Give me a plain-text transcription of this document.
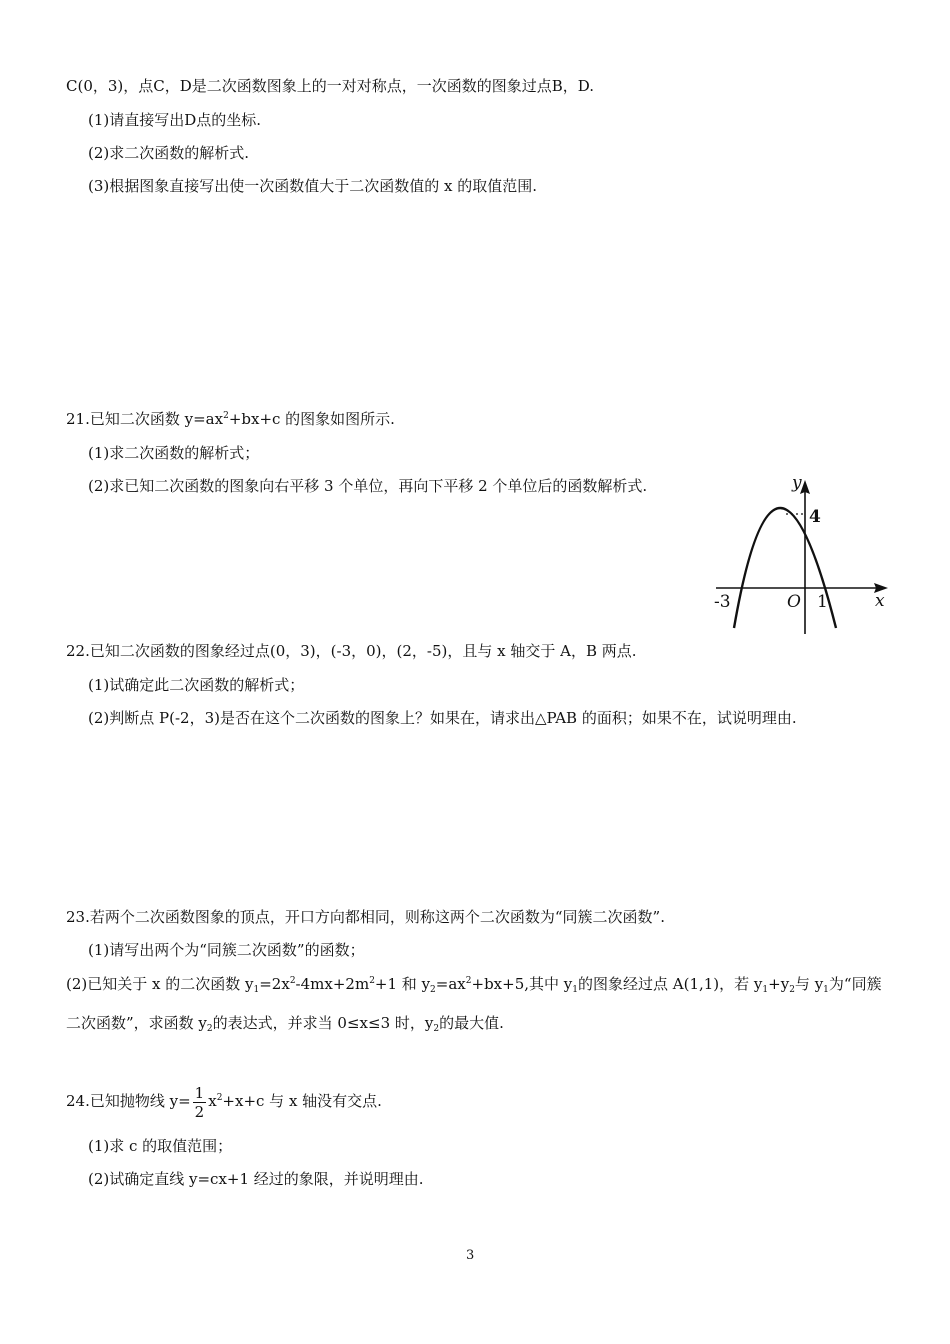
C(0，3)，点C，D是二次函数图象上的一对对称点，一次函数的图象过点B，D.
(1)请直接写出D点的坐标.
(2)求二次函数的解析式.
(3)根据图象直接写出使一次函数值大于二次函数值的 x 的取值范围.
21.已知二次函数 $y=ax^2+bx+c$ 的图象如图所示.
(1)求二次函数的解析式；
(2)求已知二次函数的图象向右平移 3 个单位，再向下平移 2 个单位后的函数解析式.	y
x
4
-3	O 1
22.已知二次函数的图象经过点(0，3)，(-3，0)，(2，-5)，且与 x 轴交于 A，B 两点.
(1)试确定此二次函数的解析式；
(2)判断点 P(-2，3)是否在这个二次函数的图象上？如果在，请求出△PAB 的面积；如果不在，试说明理由.
23.若两个二次函数图象的顶点，开口方向都相同，则称这两个二次函数为“同簇二次函数”.
(1)请写出两个为“同簇二次函数”的函数；
(2)已知关于 x 的二次函数 $y_1=2x^2-4mx+2m^2+1$ 和 $y_2=ax^2+bx+5$,其中 $y_1$的图象经过点 A(1,1)，若 $y_1+y_2$与 $y_1$为“同簇
二次函数”，求函数 $y_2$的表达式，并求当 0≤x≤3 时，$y_2$的最大值.
24.已知抛物线 $y= \frac{1}{2} x^2+x+c$ 与 x 轴没有交点.
(1)求 c 的取值范围；
(2)试确定直线 y=cx+1 经过的象限，并说明理由.
3
